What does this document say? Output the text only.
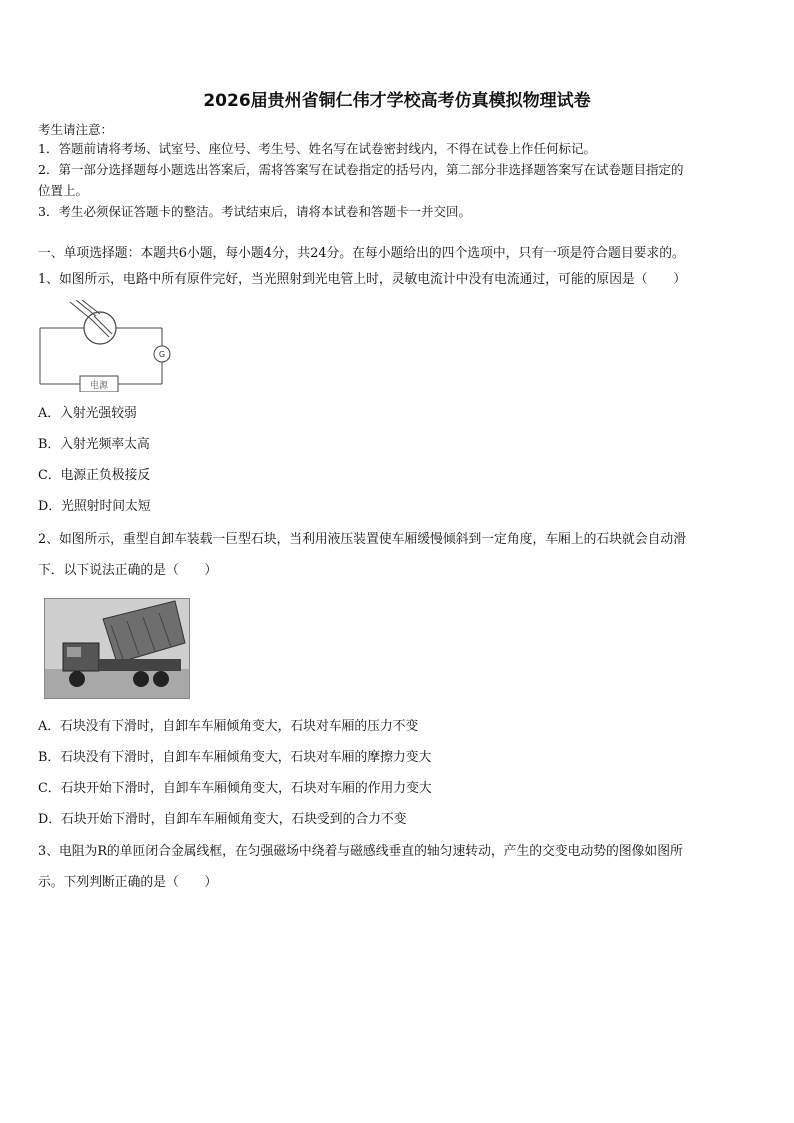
2026届贵州省铜仁伟才学校高考仿真模拟物理试卷
考生请注意：
1．答题前请将考场、试室号、座位号、考生号、姓名写在试卷密封线内，不得在试卷上作任何标记。
2．第一部分选择题每小题选出答案后，需将答案写在试卷指定的括号内，第二部分非选择题答案写在试卷题目指定的
位置上。
3．考生必须保证答题卡的整洁。考试结束后，请将本试卷和答题卡一并交回。
一、单项选择题：本题共6小题，每小题4分，共24分。在每小题给出的四个选项中，只有一项是符合题目要求的。
1、如图所示，电路中所有原件完好，当光照射到光电管上时，灵敏电流计中没有电流通过，可能的原因是（　　）
电源
G
A．入射光强较弱
B．入射光频率太高
C．电源正负极接反
D．光照射时间太短
2、如图所示，重型自卸车装载一巨型石块，当利用液压装置使车厢缓慢倾斜到一定角度，车厢上的石块就会自动滑
下．以下说法正确的是（　　）
A．石块没有下滑时，自卸车车厢倾角变大，石块对车厢的压力不变
B．石块没有下滑时，自卸车车厢倾角变大，石块对车厢的摩擦力变大
C．石块开始下滑时，自卸车车厢倾角变大，石块对车厢的作用力变大
D．石块开始下滑时，自卸车车厢倾角变大，石块受到的合力不变
3、电阻为R的单匝闭合金属线框，在匀强磁场中绕着与磁感线垂直的轴匀速转动，产生的交变电动势的图像如图所
示。下列判断正确的是（　　）
